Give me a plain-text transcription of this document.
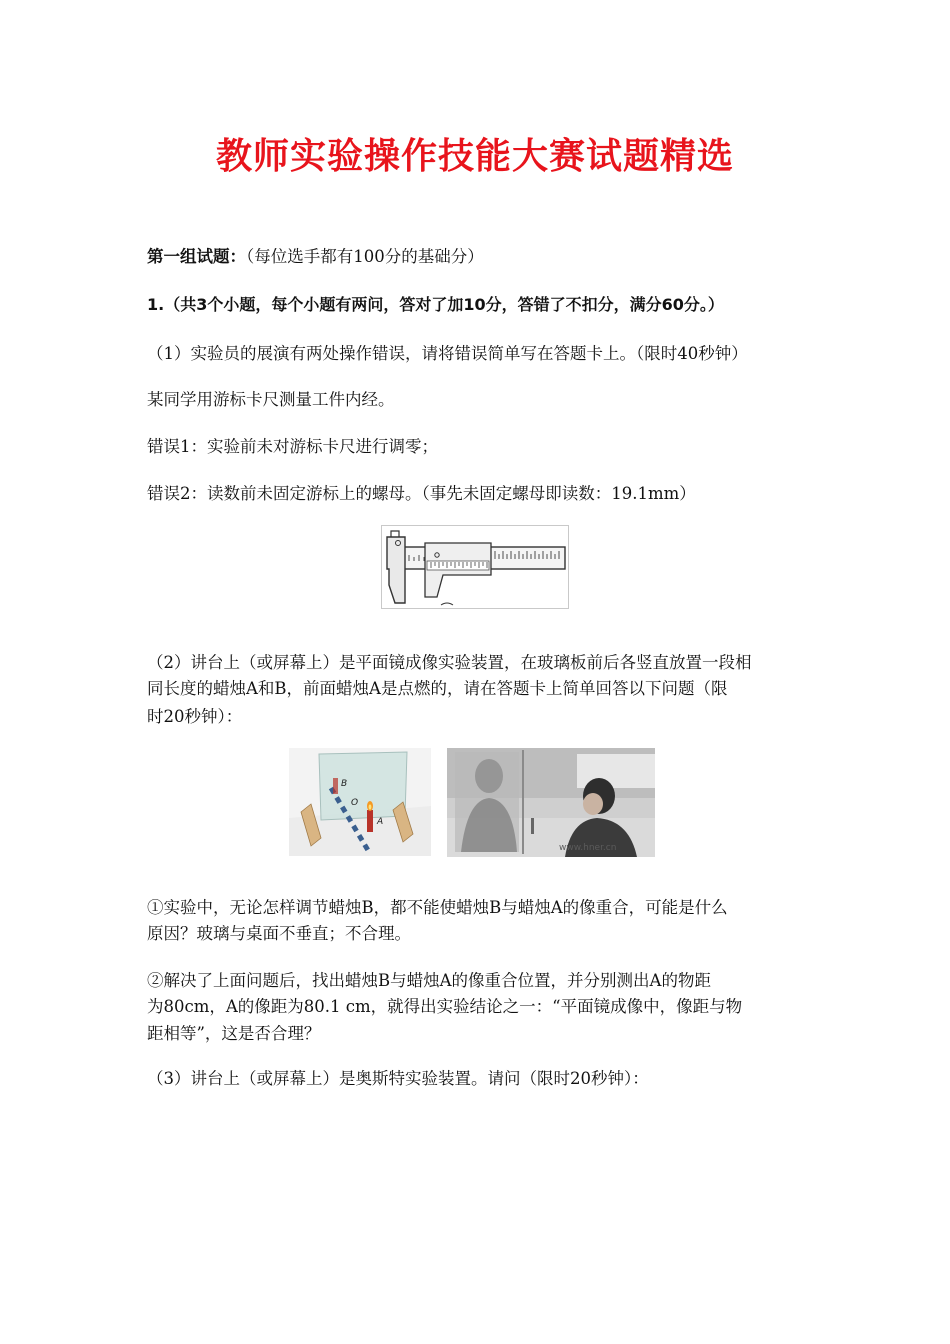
教师实验操作技能大赛试题精选

第一组试题：（每位选手都有100分的基础分）

1.（共3个小题，每个小题有两问，答对了加10分，答错了不扣分，满分60分。）

（1）实验员的展演有两处操作错误，请将错误简单写在答题卡上。（限时40秒钟）

某同学用游标卡尺测量工件内经。

错误1：实验前未对游标卡尺进行调零；

错误2：读数前未固定游标上的螺母。（事先未固定螺母即读数：19.1mm）

（2）讲台上（或屏幕上）是平面镜成像实验装置，在玻璃板前后各竖直放置一段相

同长度的蜡烛A和B，前面蜡烛A是点燃的，请在答题卡上简单回答以下问题（限

时20秒钟）：

B
O
A
www.hner.cn

①实验中，无论怎样调节蜡烛B，都不能使蜡烛B与蜡烛A的像重合，可能是什么

原因？玻璃与桌面不垂直；不合理。

②解决了上面问题后，找出蜡烛B与蜡烛A的像重合位置，并分别测出A的物距

为80cm，A的像距为80.1 cm，就得出实验结论之一：“平面镜成像中，像距与物

距相等”，这是否合理？

（3）讲台上（或屏幕上）是奥斯特实验装置。请问（限时20秒钟）：
